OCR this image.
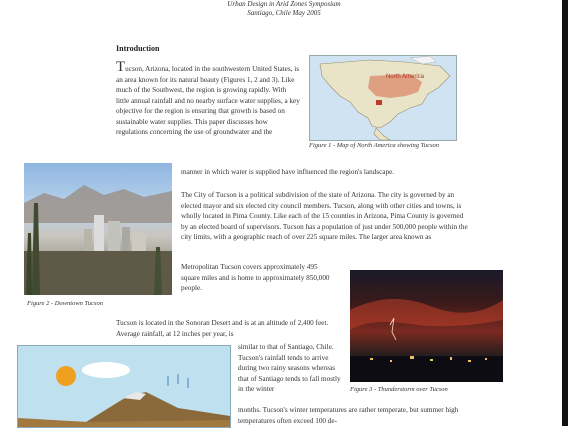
Urban Design in Arid Zones Symposium
Santiago, Chile May 2005
Introduction

Tucson, Arizona, located in the southwestern United States, is an area known for its natural beauty (Figures 1, 2 and 3). Like much of the Southwest, the region is growing rapidly. With little annual rainfall and no nearby surface water supplies, a key objective for the region is ensuring that growth is based on sustainable water supplies. This paper discusses how regulations concerning the use of groundwater and the

manner in which water is supplied have influenced the region's landscape.

The City of Tucson is a political subdivision of the state of Arizona. The city is governed by an elected mayor and six elected city council members. Tucson, along with other cities and towns, is wholly located in Pima County. Like each of the 15 counties in Arizona, Pima County is governed by an elected board of supervisors. Tucson has a population of just under 500,000 people within the city limits, with a geographic reach of over 225 square miles. The larger area known as

Metropolitan Tucson covers approximately 495 square miles and is home to approximately 850,000 people.

Tucson is located in the Sonoran Desert and is at an altitude of 2,400 feet. Average rainfall, at 12 inches per year, is

similar to that of Santiago, Chile. Tucson's rainfall tends to arrive during two rainy seasons whereas that of Santiago tends to fall mostly in the winter

months. Tucson's winter temperatures are rather temperate, but summer high temperatures often exceed 100 de-

North America
Figure 1 - Map of North America showing Tucson
Figure 2 - Downtown Tucson
Figure 3 - Thunderstorm over Tucson
